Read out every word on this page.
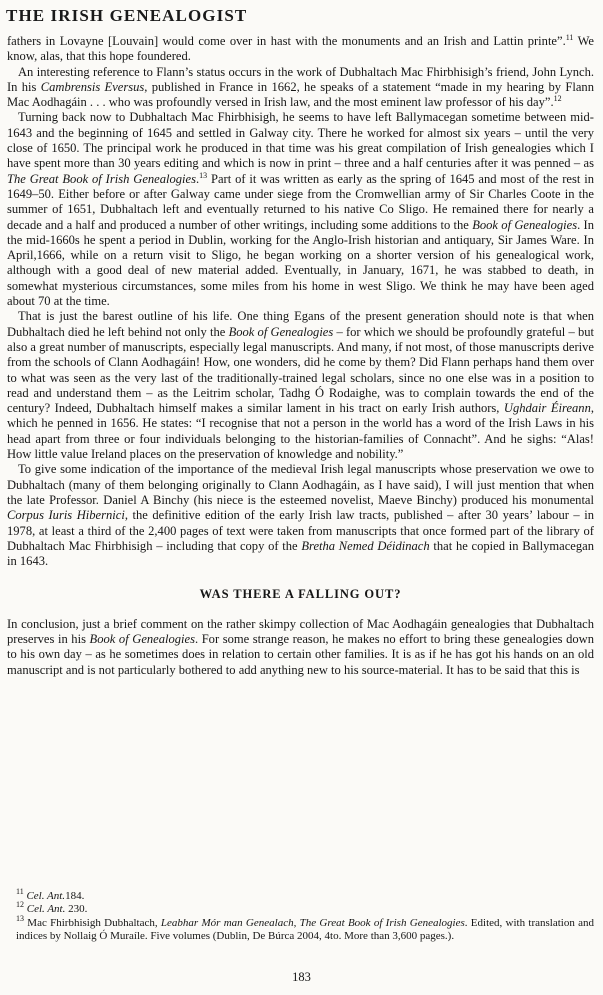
THE IRISH GENEALOGIST

fathers in Lovayne [Louvain] would come over in hast with the monuments and an Irish and Lattin printe”.$^{11}$ We know, alas, that this hope foundered.

An interesting reference to Flann’s status occurs in the work of Dubhaltach Mac Fhirbhisigh’s friend, John Lynch. In his Cambrensis Eversus, published in France in 1662, he speaks of a statement “made in my hearing by Flann Mac Aodhagáin . . . who was profoundly versed in Irish law, and the most eminent law professor of his day”.$^{12}$

Turning back now to Dubhaltach Mac Fhirbhisigh, he seems to have left Ballymacegan sometime between mid-1643 and the beginning of 1645 and settled in Galway city. There he worked for almost six years – until the very close of 1650. The principal work he produced in that time was his great compilation of Irish genealogies which I have spent more than 30 years editing and which is now in print – three and a half centuries after it was penned – as The Great Book of Irish Genealogies.$^{13}$ Part of it was written as early as the spring of 1645 and most of the rest in 1649–50. Either before or after Galway came under siege from the Cromwellian army of Sir Charles Coote in the summer of 1651, Dubhaltach left and eventually returned to his native Co Sligo. He remained there for nearly a decade and a half and produced a number of other writings, including some additions to the Book of Genealogies. In the mid-1660s he spent a period in Dublin, working for the Anglo-Irish historian and antiquary, Sir James Ware. In April,1666, while on a return visit to Sligo, he began working on a shorter version of his genealogical work, although with a good deal of new material added. Eventually, in January, 1671, he was stabbed to death, in somewhat mysterious circumstances, some miles from his home in west Sligo. We think he may have been aged about 70 at the time.

That is just the barest outline of his life. One thing Egans of the present generation should note is that when Dubhaltach died he left behind not only the Book of Genealogies – for which we should be profoundly grateful – but also a great number of manuscripts, especially legal manuscripts. And many, if not most, of those manuscripts derive from the schools of Clann Aodhagáin! How, one wonders, did he come by them? Did Flann perhaps hand them over to what was seen as the very last of the traditionally-trained legal scholars, since no one else was in a position to read and understand them – as the Leitrim scholar, Tadhg Ó Rodaighe, was to complain towards the end of the century? Indeed, Dubhaltach himself makes a similar lament in his tract on early Irish authors, Ughdair Éireann, which he penned in 1656. He states: “I recognise that not a person in the world has a word of the Irish Laws in his head apart from three or four individuals belonging to the historian-families of Connacht”. And he sighs: “Alas! How little value Ireland places on the preservation of knowledge and nobility.”

To give some indication of the importance of the medieval Irish legal manuscripts whose preservation we owe to Dubhaltach (many of them belonging originally to Clann Aodhagáin, as I have said), I will just mention that when the late Professor. Daniel A Binchy (his niece is the esteemed novelist, Maeve Binchy) produced his monumental Corpus Iuris Hibernici, the definitive edition of the early Irish law tracts, published – after 30 years’ labour – in 1978, at least a third of the 2,400 pages of text were taken from manuscripts that once formed part of the library of Dubhaltach Mac Fhirbhisigh – including that copy of the Bretha Nemed Déidinach that he copied in Ballymacegan in 1643.

WAS THERE A FALLING OUT?

In conclusion, just a brief comment on the rather skimpy collection of Mac Aodhagáin genealogies that Dubhaltach preserves in his Book of Genealogies. For some strange reason, he makes no effort to bring these genealogies down to his own day – as he sometimes does in relation to certain other families. It is as if he has got his hands on an old manuscript and is not particularly bothered to add anything new to his source-material. It has to be said that this is

$^{11}$ Cel. Ant.184.

$^{12}$ Cel. Ant. 230.

$^{13}$ Mac Fhirbhisigh Dubhaltach, Leabhar Mór man Genealach, The Great Book of Irish Genealogies. Edited, with translation and indices by Nollaig Ó Muraíle. Five volumes (Dublin, De Búrca 2004, 4to. More than 3,600 pages.).

183
